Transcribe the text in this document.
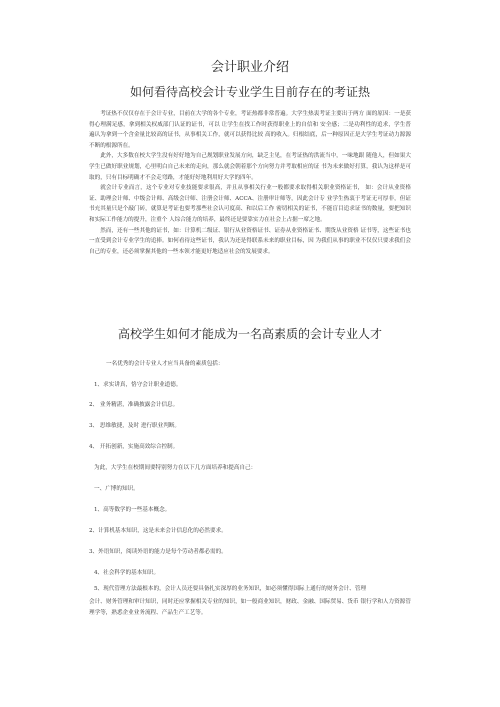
会计职业介绍
如何看待高校会计专业学生目前存在的考证热

考证热不仅仅存在于会计专业，目前在大学的各个专业，考证热都非常普遍。大学生热衷考证主要出于两方 面的原因：一是获得心理满足感，拿到相关权威部门认证的证书，可以 让学生在找工作时获得职业上的自信和 安全感；二是功利性的追求，学生普遍认为拿到一个含金量比较高的证书，从事相关工作，就可以获得比较 高的收入。归根结底，后一种原因正是大学生考证动力源源不断的根源所在。

此外，大多数在校大学生没有好好地为自己规划职业发展方向，缺乏主见，在考证热的洪流当中，一味地跟 随他人，但如果大学生已做好职业规划，心里明白自己未来的走向，那么就会朝着那个方向努力并考取相应的证 书为未来做好打算，我认为这样是可取的，只有目标明确才不会走弯路，才能好好地利用好大学的四年。

就会计专业而言，这个专业对专业技能要求很高，并且从事相关行业一般都要求取得相关职业资格证书， 如：会计从业资格证、助理会计师、中级会计师、高级会计师、注册会计师、ACCA、注册审计师等，因此会计专 业学生热衷于考证无可厚非，但证书充其量只是个敲门砖，就算是考证也要考那些社会认可度高、和以后工作 密切相关的证书，不能盲目追求证书的数量，要把知识 和实际工作能力的提升，注重个 人综合能力的培养，最终还是要靠实力在社会上占据一席之地。

然而，还有一些其他的证书，如：计算机二级证、银行从业资格证书、证券从业资格证书、期货从业资格 证书等，这些证书也一直受到会计专业学生的追捧。如何看待这些证书，我认为还是得联系未来的职业目标，因 为我们从事的职业不仅仅只要求我们会自己的专业，还必须掌握其他的一些本领才能更好地适应社会的发展要求。

高校学生如何才能成为一名高素质的会计专业人才
一名优秀的会计专业人才应当具备的素质包括：
1、求实讲真，恪守会计职业道德。
2、 业务精湛，准确披露会计信息。
3、 思维敏捷，及时 进行职业判断。
4、 开拓创新，实施高效综合控制。
为此，大学生在校期间要特别努力在以下几方面培养和提高自己：
一、广博的知识。
1、高等数学的一些基本概念。
2、计算机基本知识，这是未来会计信息化的必然要求。
3、外语知识，阅读外语的能力是每个劳动者都必需的。
4、社会科学的基本知识。
5、现代管理方法最根本的，会计人员还要具备扎实深厚的业务知识，如必须懂得国际上通行的财务会计、管理
会计、财务管理和审计知识，同时还应掌握相关专业的知识，如一般商业知识，财政、金融、国际贸易、货币 银行学和人力资源管理学等，熟悉企业业务流程、产品生产工艺等。
